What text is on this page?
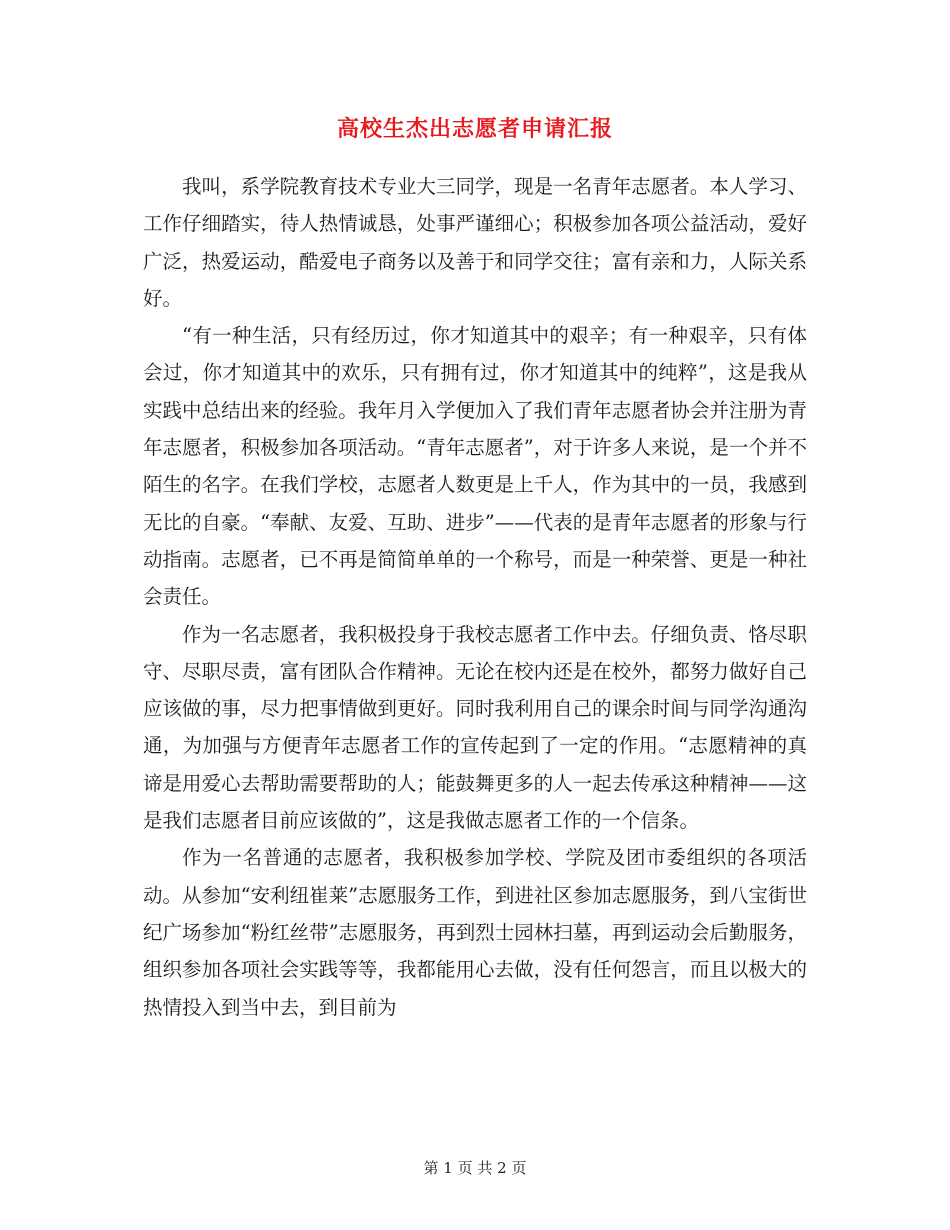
高校生杰出志愿者申请汇报

我叫，系学院教育技术专业大三同学，现是一名青年志愿者。本人学习、工作仔细踏实，待人热情诚恳，处事严谨细心；积极参加各项公益活动，爱好广泛，热爱运动，酷爱电子商务以及善于和同学交往；富有亲和力，人际关系好。

“有一种生活，只有经历过，你才知道其中的艰辛；有一种艰辛，只有体会过，你才知道其中的欢乐，只有拥有过，你才知道其中的纯粹”，这是我从实践中总结出来的经验。我年月入学便加入了我们青年志愿者协会并注册为青年志愿者，积极参加各项活动。“青年志愿者”，对于许多人来说，是一个并不陌生的名字。在我们学校，志愿者人数更是上千人，作为其中的一员，我感到无比的自豪。“奉献、友爱、互助、进步”——代表的是青年志愿者的形象与行动指南。志愿者，已不再是简简单单的一个称号，而是一种荣誉、更是一种社会责任。

作为一名志愿者，我积极投身于我校志愿者工作中去。仔细负责、恪尽职守、尽职尽责，富有团队合作精神。无论在校内还是在校外，都努力做好自己应该做的事，尽力把事情做到更好。同时我利用自己的课余时间与同学沟通沟通，为加强与方便青年志愿者工作的宣传起到了一定的作用。“志愿精神的真谛是用爱心去帮助需要帮助的人；能鼓舞更多的人一起去传承这种精神——这是我们志愿者目前应该做的”，这是我做志愿者工作的一个信条。

作为一名普通的志愿者，我积极参加学校、学院及团市委组织的各项活动。从参加“安利纽崔莱”志愿服务工作，到进社区参加志愿服务，到八宝街世纪广场参加“粉红丝带”志愿服务，再到烈士园林扫墓，再到运动会后勤服务，组织参加各项社会实践等等，我都能用心去做，没有任何怨言，而且以极大的热情投入到当中去，到目前为

第 1 页 共 2 页
